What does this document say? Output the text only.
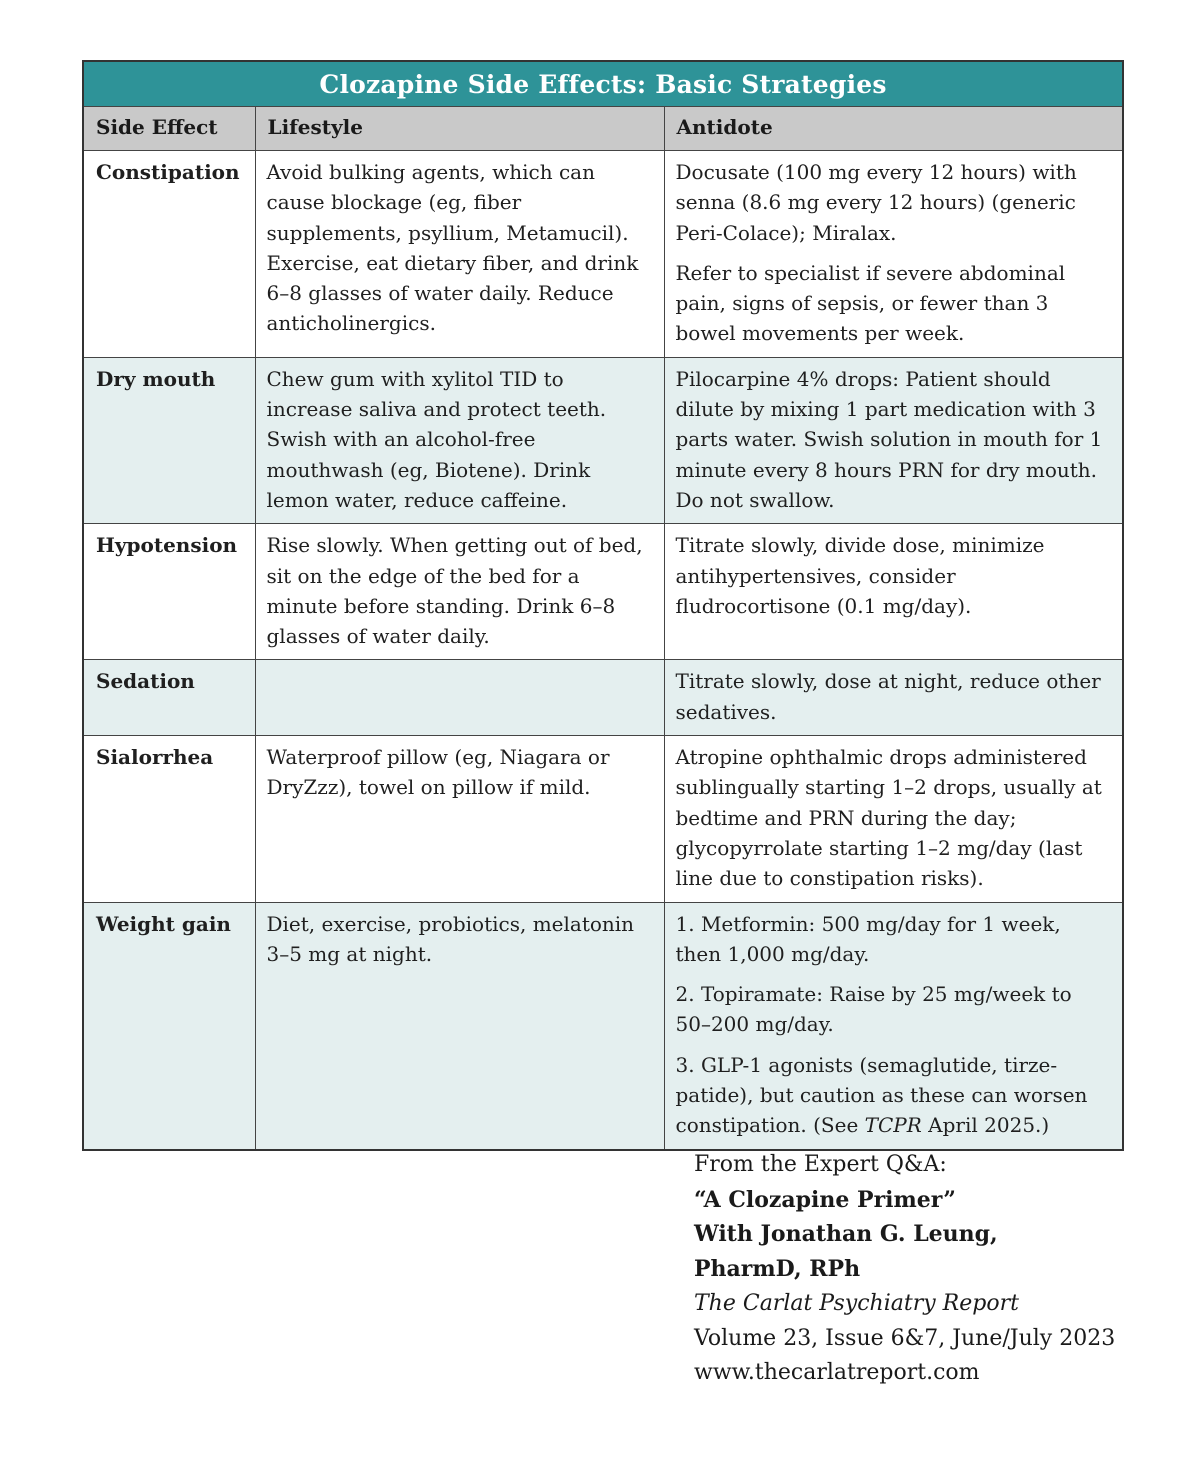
Clozapine Side Effects: Basic Strategies		
Side Effect	Lifestyle	Antidote
Constipation	Avoid bulking agents, which can cause blockage (eg, fiber supplements, psyllium, Metamucil). Exercise, eat dietary fiber, and drink 6–8 glasses of water daily. Reduce anticholinergics.	Docusate (100 mg every 12 hours) with senna (8.6 mg every 12 hours) (generic Peri-Colace); Miralax.

Refer to specialist if severe abdominal pain, signs of sepsis, or fewer than 3 bowel movements per week.

Dry mouth	Chew gum with xylitol TID to increase saliva and protect teeth. Swish with an alcohol-free mouthwash (eg, Biotene). Drink lemon water, reduce caffeine.	Pilocarpine 4% drops: Patient should dilute by mixing 1 part medication with 3 parts water. Swish solution in mouth for 1 minute every 8 hours PRN for dry mouth. Do not swallow.

Hypotension	Rise slowly. When getting out of bed, sit on the edge of the bed for a minute before standing. Drink 6–8 glasses of water daily.	Titrate slowly, divide dose, minimize antihypertensives, consider fludrocortisone (0.1 mg/day).

Sedation		Titrate slowly, dose at night, reduce other sedatives.

Sialorrhea	Waterproof pillow (eg, Niagara or DryZzz), towel on pillow if mild.	Atropine ophthalmic drops administered sublingually starting 1–2 drops, usually at bedtime and PRN during the day; glycopyrrolate starting 1–2 mg/day (last line due to constipation risks).

Weight gain	Diet, exercise, probiotics, melatonin 3–5 mg at night.	1. Metformin: 500 mg/day for 1 week, then 1,000 mg/day.

2. Topiramate: Raise by 25 mg/week to 50–200 mg/day.

3. GLP-1 agonists (semaglutide, tirze-patide), but caution as these can worsen constipation. (See TCPR April 2025.)

From the Expert Q&A:
“A Clozapine Primer”
With Jonathan G. Leung,
PharmD, RPh
The Carlat Psychiatry Report
Volume 23, Issue 6&7, June/July 2023
www.thecarlatreport.com
